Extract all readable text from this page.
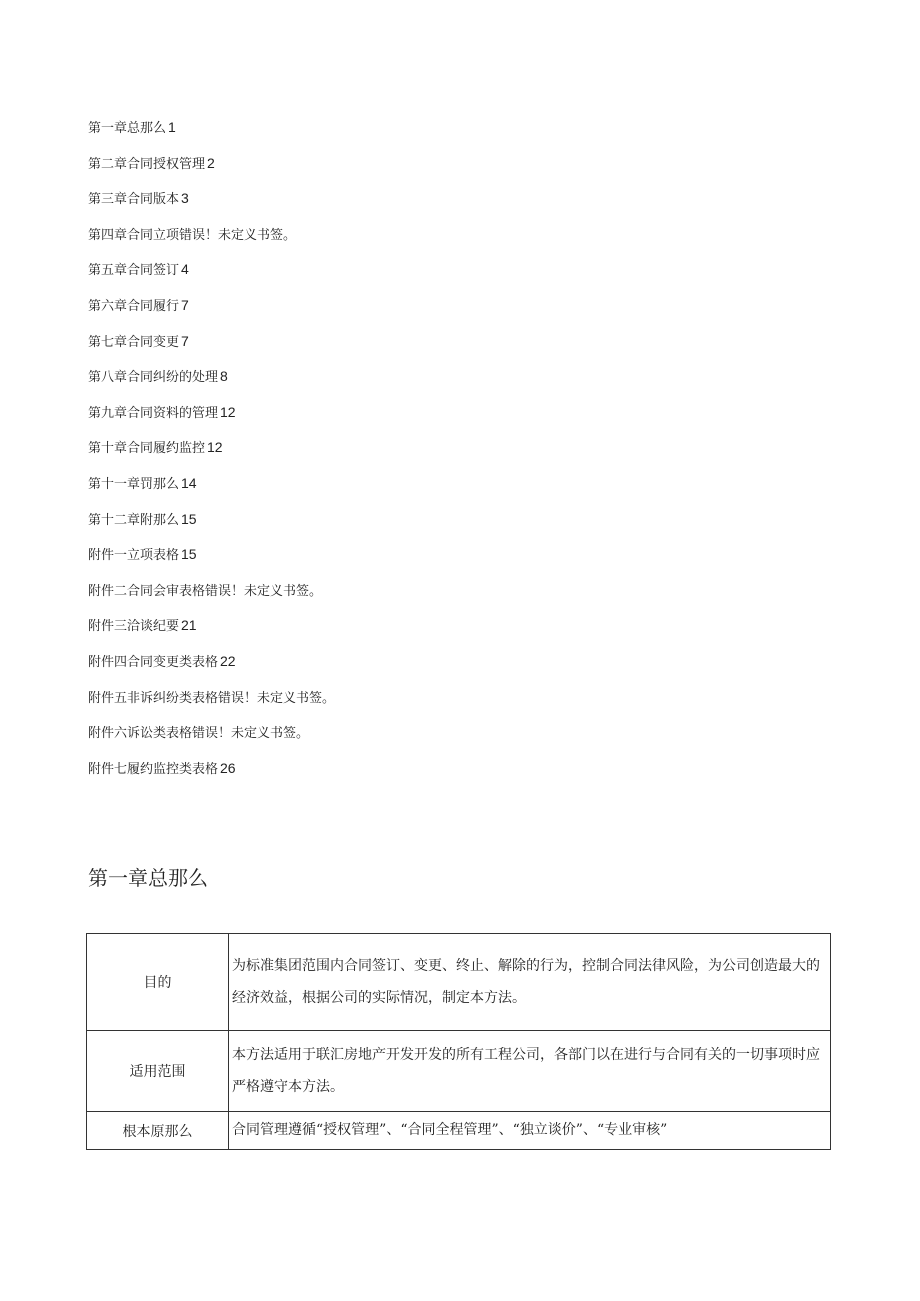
第一章总那么 1
第二章合同授权管理 2
第三章合同版本 3
第四章合同立项错误！未定义书签。
第五章合同签订 4
第六章合同履行 7
第七章合同变更 7
第八章合同纠纷的处理 8
第九章合同资料的管理 12
第十章合同履约监控 12
第十一章罚那么 14
第十二章附那么 15
附件一立项表格 15
附件二合同会审表格错误！未定义书签。
附件三洽谈纪要 21
附件四合同变更类表格 22
附件五非诉纠纷类表格错误！未定义书签。
附件六诉讼类表格错误！未定义书签。
附件七履约监控类表格 26
第一章总那么
目的	为标准集团范围内合同签订、变更、终止、解除的行为，控制合同法律风险，为公司创造最大的经济效益，根据公司的实际情况，制定本方法。
适用范围	本方法适用于联汇房地产开发开发的所有工程公司，各部门以在进行与合同有关的一切事项时应严格遵守本方法。
根本原那么	合同管理遵循“授权管理”、“合同全程管理”、“独立谈价”、“专业审核”
